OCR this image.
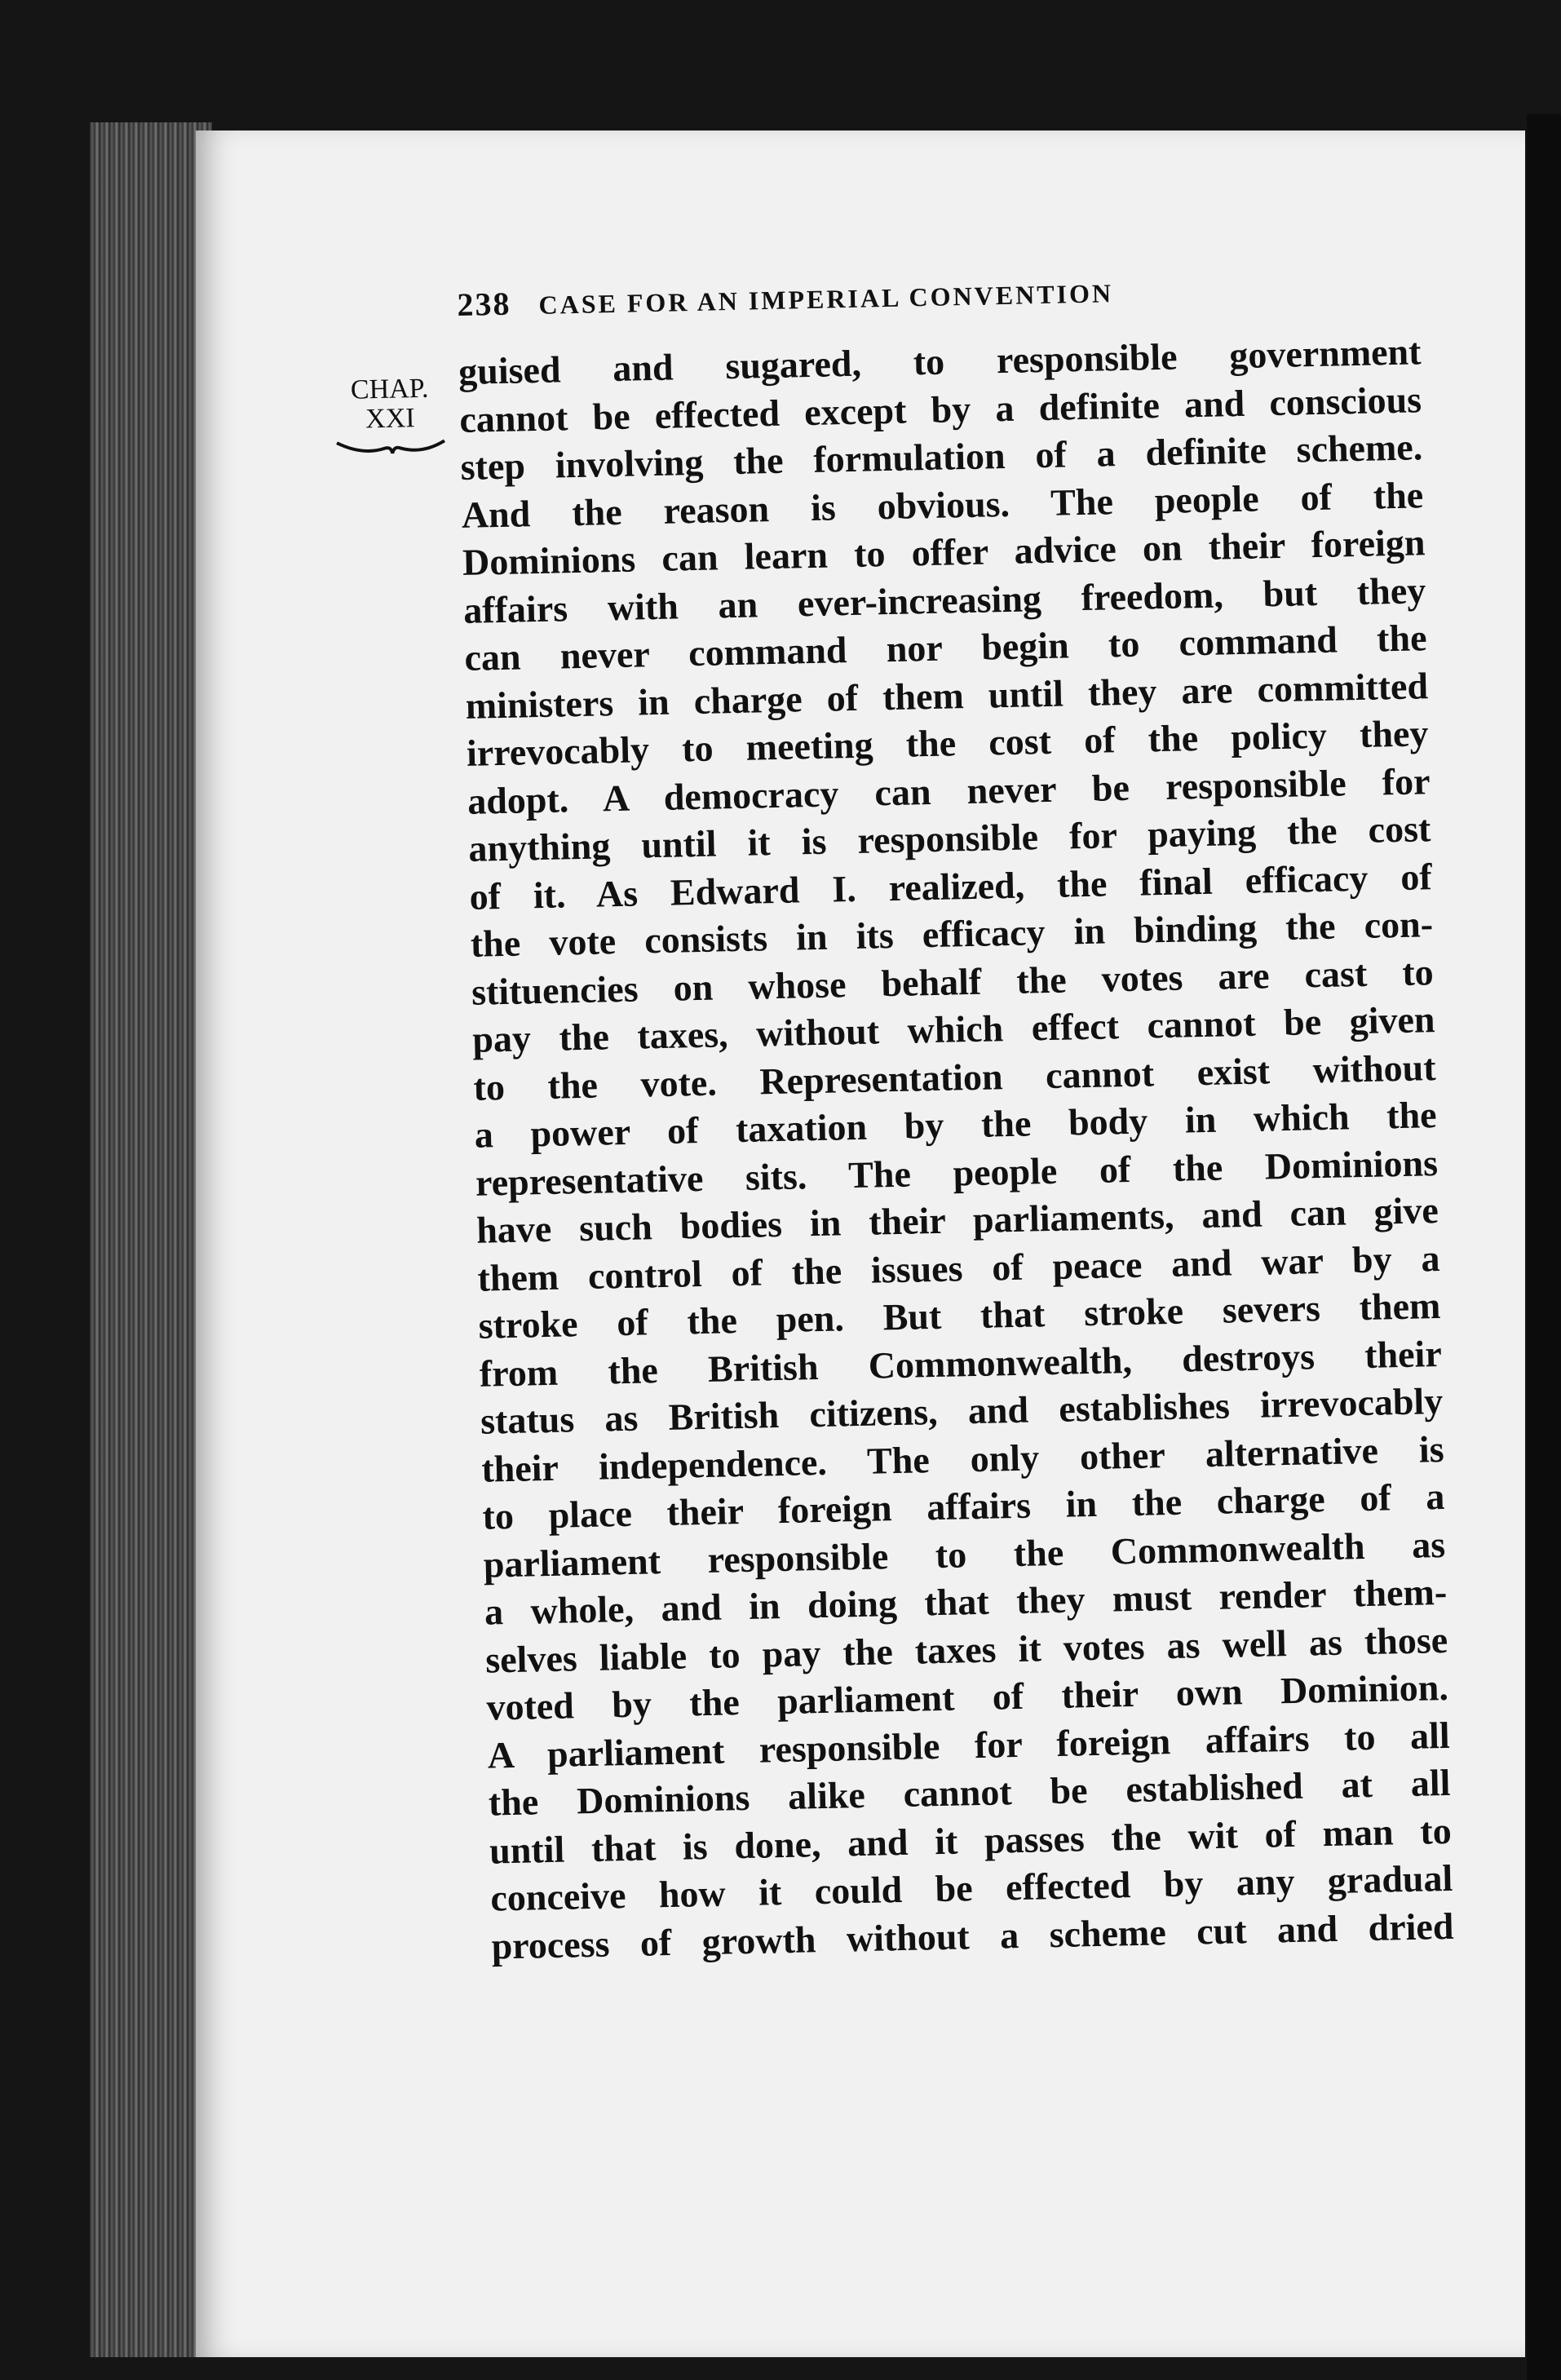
238 CASE FOR AN IMPERIAL CONVENTION
CHAP.
XXI
guised and sugared, to responsible government
cannot be effected except by a definite and conscious
step involving the formulation of a definite scheme.
And the reason is obvious. The people of the
Dominions can learn to offer advice on their foreign
affairs with an ever-increasing freedom, but they
can never command nor begin to command the
ministers in charge of them until they are committed
irrevocably to meeting the cost of the policy they
adopt. A democracy can never be responsible for
anything until it is responsible for paying the cost
of it. As Edward I. realized, the final efficacy of
the vote consists in its efficacy in binding the con-
stituencies on whose behalf the votes are cast to
pay the taxes, without which effect cannot be given
to the vote. Representation cannot exist without
a power of taxation by the body in which the
representative sits. The people of the Dominions
have such bodies in their parliaments, and can give
them control of the issues of peace and war by a
stroke of the pen. But that stroke severs them
from the British Commonwealth, destroys their
status as British citizens, and establishes irrevocably
their independence. The only other alternative is
to place their foreign affairs in the charge of a
parliament responsible to the Commonwealth as
a whole, and in doing that they must render them-
selves liable to pay the taxes it votes as well as those
voted by the parliament of their own Dominion.
A parliament responsible for foreign affairs to all
the Dominions alike cannot be established at all
until that is done, and it passes the wit of man to
conceive how it could be effected by any gradual
process of growth without a scheme cut and dried
